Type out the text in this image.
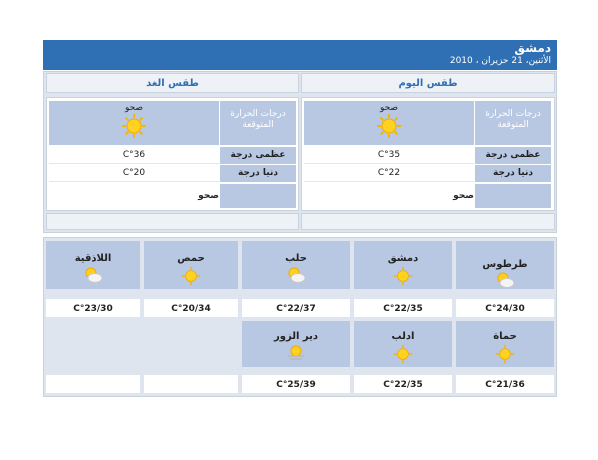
دمشق
الأثنين، 21 حزيران ، 2010
طقس اليوم
درجات الحرارة المتوقعة
صحو
عظمى درجة
C°35
دنيا درجة
C°22
صحو
طقس الغد
درجات الحرارة المتوقعة
صحو
عظمى درجة
C°36
دنيا درجة
C°20
صحو
طرطوس
دمشق
حلب
حمص
اللاذقية
C°24/30
C°22/35
C°22/37
C°20/34
C°23/30
حماة
ادلب
دير الزور
C°21/36
C°22/35
C°25/39
